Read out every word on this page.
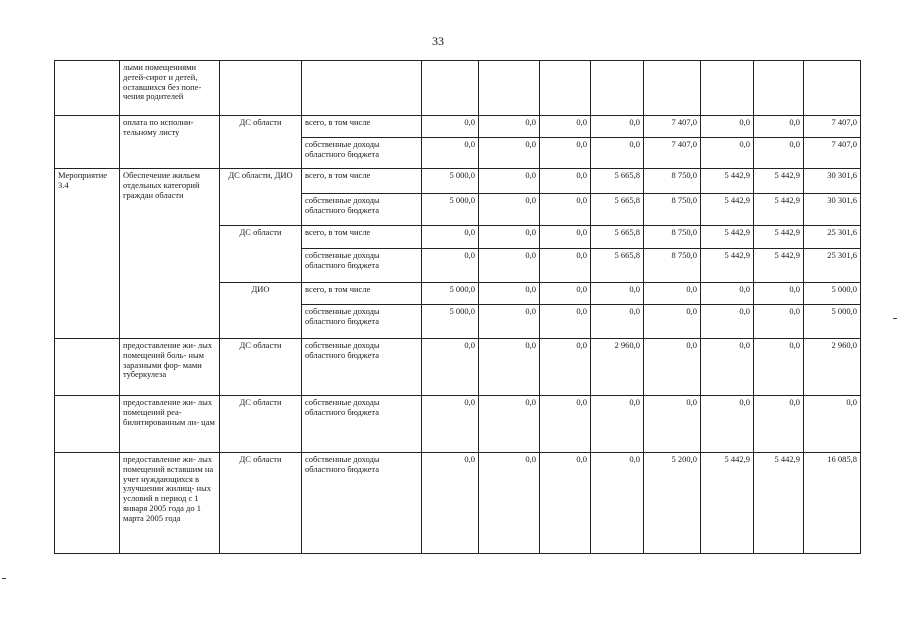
33
	лыми помещениями детей-сирот и детей, оставшихся без попе- чения родителей										
	оплата по исполни- тельному листу	ДС области	всего, в том числе	0,0	0,0	0,0	0,0	7 407,0	0,0	0,0	7 407,0
			собственные доходы областного бюджета	0,0	0,0	0,0	0,0	7 407,0	0,0	0,0	7 407,0
Мероприятие 3.4	Обеспечение жильем отдельных категорий граждан области	ДС области, ДИО	всего, в том числе	5 000,0	0,0	0,0	5 665,8	8 750,0	5 442,9	5 442,9	30 301,6
			собственные доходы областного бюджета	5 000,0	0,0	0,0	5 665,8	8 750,0	5 442,9	5 442,9	30 301,6
		ДС области	всего, в том числе	0,0	0,0	0,0	5 665,8	8 750,0	5 442,9	5 442,9	25 301,6
			собственные доходы областного бюджета	0,0	0,0	0,0	5 665,8	8 750,0	5 442,9	5 442,9	25 301,6
		ДИО	всего, в том числе	5 000,0	0,0	0,0	0,0	0,0	0,0	0,0	5 000,0
			собственные доходы областного бюджета	5 000,0	0,0	0,0	0,0	0,0	0,0	0,0	5 000,0
	предоставление жи- лых помещений боль- ным заразными фор- мами туберкулеза	ДС области	собственные доходы областного бюджета	0,0	0,0	0,0	2 960,0	0,0	0,0	0,0	2 960,0
	предоставление жи- лых помещений реа- билитированным ли- цам	ДС области	собственные доходы областного бюджета	0,0	0,0	0,0	0,0	0,0	0,0	0,0	0,0
	предоставление жи- лых помещений вставшим на учет нуждающихся в улучшении жилищ- ных условий в период с 1 января 2005 года до 1 марта 2005 года	ДС области	собственные доходы областного бюджета	0,0	0,0	0,0	0,0	5 200,0	5 442,9	5 442,9	16 085,8
